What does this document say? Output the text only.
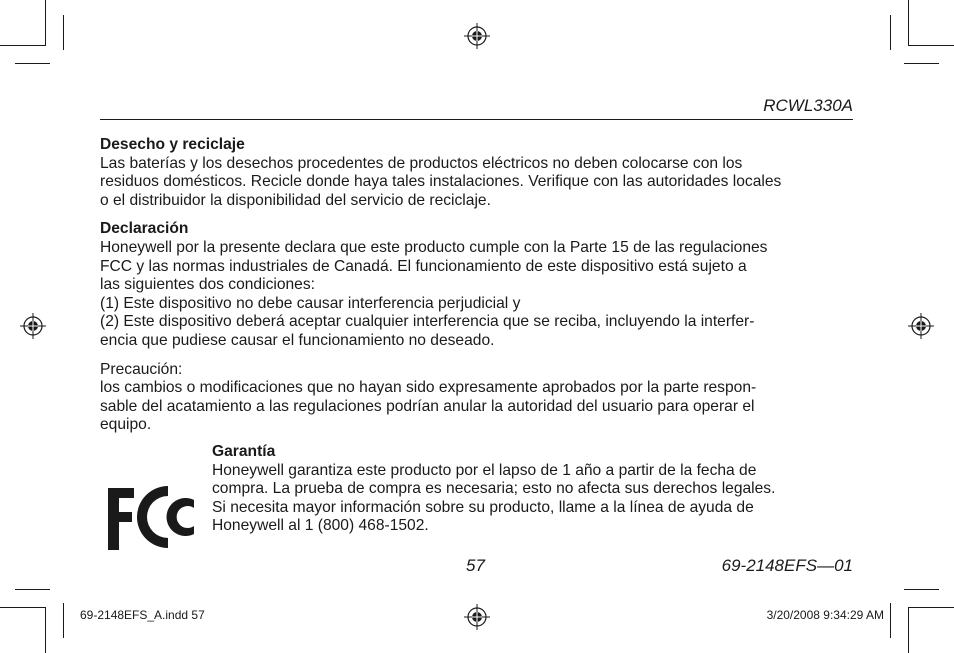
RCWL330A
Desecho y reciclaje

Las baterías y los desechos procedentes de productos eléctricos no deben colocarse con los
residuos domésticos. Recicle donde haya tales instalaciones. Verifique con las autoridades locales
o el distribuidor la disponibilidad del servicio de reciclaje.

Declaración

Honeywell por la presente declara que este producto cumple con la Parte 15 de las regulaciones
FCC y las normas industriales de Canadá. El funcionamiento de este dispositivo está sujeto a
las siguientes dos condiciones:
(1) Este dispositivo no debe causar interferencia perjudicial y
(2) Este dispositivo deberá aceptar cualquier interferencia que se reciba, incluyendo la interfer-
encia que pudiese causar el funcionamiento no deseado.

Precaución:

los cambios o modificaciones que no hayan sido expresamente aprobados por la parte respon-
sable del acatamiento a las regulaciones podrían anular la autoridad del usuario para operar el
equipo.

Garantía

Honeywell garantiza este producto por el lapso de 1 año a partir de la fecha de
compra. La prueba de compra es necesaria; esto no afecta sus derechos legales.
Si necesita mayor información sobre su producto, llame a la línea de ayuda de
Honeywell al 1 (800) 468-1502.

57	69-2148EFS—01
69-2148EFS_A.indd 57	3/20/2008 9:34:29 AM
